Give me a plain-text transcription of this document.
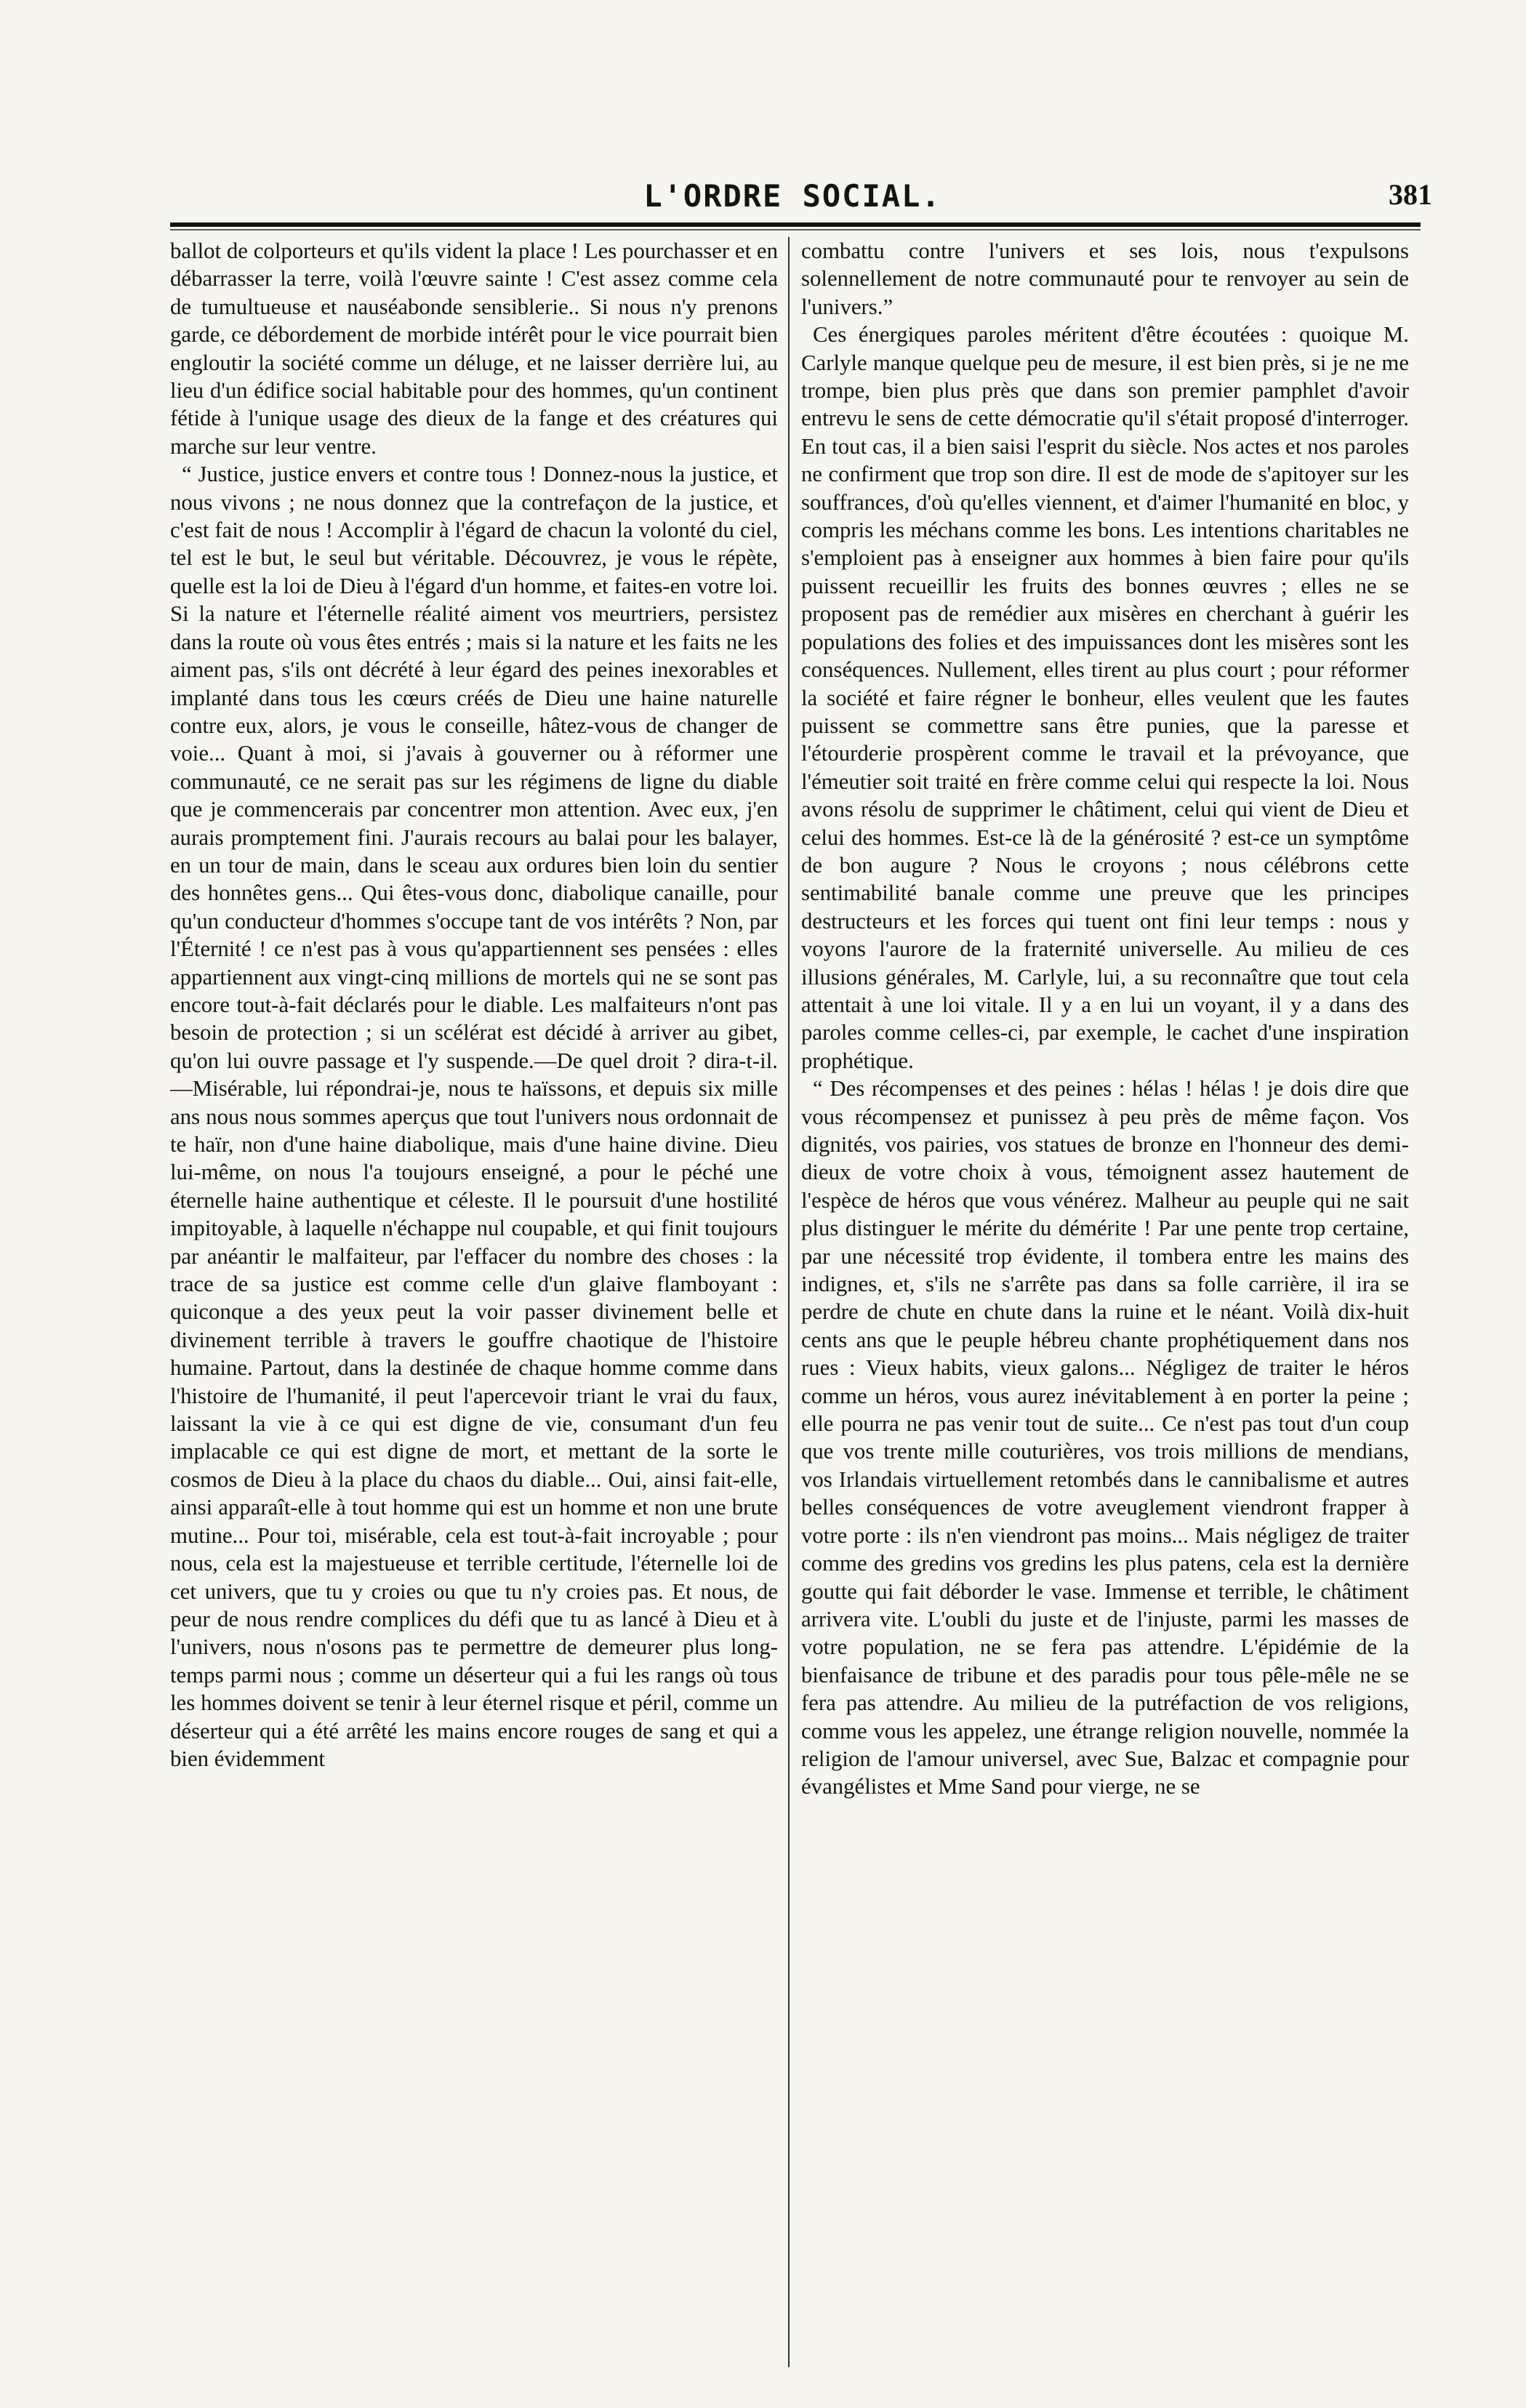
L'ORDRE SOCIAL.	381

ballot de colporteurs et qu'ils vident la place ! Les pourchasser et en débarrasser la terre, voilà l'œuvre sainte ! C'est assez comme cela de tumultueuse et nauséabonde sensiblerie.. Si nous n'y prenons garde, ce débordement de morbide intérêt pour le vice pourrait bien engloutir la société comme un déluge, et ne laisser derrière lui, au lieu d'un édifice social habitable pour des hommes, qu'un continent fétide à l'unique usage des dieux de la fange et des créatures qui marche sur leur ventre.

“ Justice, justice envers et contre tous ! Donnez-nous la justice, et nous vivons ; ne nous donnez que la contrefaçon de la justice, et c'est fait de nous ! Accomplir à l'égard de chacun la volonté du ciel, tel est le but, le seul but véritable. Découvrez, je vous le répète, quelle est la loi de Dieu à l'égard d'un homme, et faites-en votre loi. Si la nature et l'éternelle réalité aiment vos meurtriers, persistez dans la route où vous êtes entrés ; mais si la nature et les faits ne les aiment pas, s'ils ont décrété à leur égard des peines inexorables et implanté dans tous les cœurs créés de Dieu une haine naturelle contre eux, alors, je vous le conseille, hâtez-vous de changer de voie... Quant à moi, si j'avais à gouverner ou à réformer une communauté, ce ne serait pas sur les régimens de ligne du diable que je commencerais par concentrer mon attention. Avec eux, j'en aurais promptement fini. J'aurais recours au balai pour les balayer, en un tour de main, dans le sceau aux ordures bien loin du sentier des honnêtes gens... Qui êtes-vous donc, diabolique canaille, pour qu'un conducteur d'hommes s'occupe tant de vos intérêts ? Non, par l'Éternité ! ce n'est pas à vous qu'appartiennent ses pensées : elles appartiennent aux vingt-cinq millions de mortels qui ne se sont pas encore tout-à-fait déclarés pour le diable. Les malfaiteurs n'ont pas besoin de protection ; si un scélérat est décidé à arriver au gibet, qu'on lui ouvre passage et l'y suspende.—De quel droit ? dira-t-il.—Misérable, lui répondrai-je, nous te haïssons, et depuis six mille ans nous nous sommes aperçus que tout l'univers nous ordonnait de te haïr, non d'une haine diabolique, mais d'une haine divine. Dieu lui-même, on nous l'a toujours enseigné, a pour le péché une éternelle haine authentique et céleste. Il le poursuit d'une hostilité impitoyable, à laquelle n'échappe nul coupable, et qui finit toujours par anéantir le malfaiteur, par l'effacer du nombre des choses : la trace de sa justice est comme celle d'un glaive flamboyant : quiconque a des yeux peut la voir passer divinement belle et divinement terrible à travers le gouffre chaotique de l'histoire humaine. Partout, dans la destinée de chaque homme comme dans l'histoire de l'humanité, il peut l'apercevoir triant le vrai du faux, laissant la vie à ce qui est digne de vie, consumant d'un feu implacable ce qui est digne de mort, et mettant de la sorte le cosmos de Dieu à la place du chaos du diable... Oui, ainsi fait-elle, ainsi apparaît-elle à tout homme qui est un homme et non une brute mutine... Pour toi, misérable, cela est tout-à-fait incroyable ; pour nous, cela est la majestueuse et terrible certitude, l'éternelle loi de cet univers, que tu y croies ou que tu n'y croies pas. Et nous, de peur de nous rendre complices du défi que tu as lancé à Dieu et à l'univers, nous n'osons pas te permettre de demeurer plus long-temps parmi nous ; comme un déserteur qui a fui les rangs où tous les hommes doivent se tenir à leur éternel risque et péril, comme un déserteur qui a été arrêté les mains encore rouges de sang et qui a bien évidemment

combattu contre l'univers et ses lois, nous t'expulsons solennellement de notre communauté pour te renvoyer au sein de l'univers.”

Ces énergiques paroles méritent d'être écoutées : quoique M. Carlyle manque quelque peu de mesure, il est bien près, si je ne me trompe, bien plus près que dans son premier pamphlet d'avoir entrevu le sens de cette démocratie qu'il s'était proposé d'interroger. En tout cas, il a bien saisi l'esprit du siècle. Nos actes et nos paroles ne confirment que trop son dire. Il est de mode de s'apitoyer sur les souffrances, d'où qu'elles viennent, et d'aimer l'humanité en bloc, y compris les méchans comme les bons. Les intentions charitables ne s'emploient pas à enseigner aux hommes à bien faire pour qu'ils puissent recueillir les fruits des bonnes œuvres ; elles ne se proposent pas de remédier aux misères en cherchant à guérir les populations des folies et des impuissances dont les misères sont les conséquences. Nullement, elles tirent au plus court ; pour réformer la société et faire régner le bonheur, elles veulent que les fautes puissent se commettre sans être punies, que la paresse et l'étourderie prospèrent comme le travail et la prévoyance, que l'émeutier soit traité en frère comme celui qui respecte la loi. Nous avons résolu de supprimer le châtiment, celui qui vient de Dieu et celui des hommes. Est-ce là de la générosité ? est-ce un symptôme de bon augure ? Nous le croyons ; nous célébrons cette sentimabilité banale comme une preuve que les principes destructeurs et les forces qui tuent ont fini leur temps : nous y voyons l'aurore de la fraternité universelle. Au milieu de ces illusions générales, M. Carlyle, lui, a su reconnaître que tout cela attentait à une loi vitale. Il y a en lui un voyant, il y a dans des paroles comme celles-ci, par exemple, le cachet d'une inspiration prophétique.

“ Des récompenses et des peines : hélas ! hélas ! je dois dire que vous récompensez et punissez à peu près de même façon. Vos dignités, vos pairies, vos statues de bronze en l'honneur des demi-dieux de votre choix à vous, témoignent assez hautement de l'espèce de héros que vous vénérez. Malheur au peuple qui ne sait plus distinguer le mérite du démérite ! Par une pente trop certaine, par une nécessité trop évidente, il tombera entre les mains des indignes, et, s'ils ne s'arrête pas dans sa folle carrière, il ira se perdre de chute en chute dans la ruine et le néant. Voilà dix-huit cents ans que le peuple hébreu chante prophétiquement dans nos rues : Vieux habits, vieux galons... Négligez de traiter le héros comme un héros, vous aurez inévitablement à en porter la peine ; elle pourra ne pas venir tout de suite... Ce n'est pas tout d'un coup que vos trente mille couturières, vos trois millions de mendians, vos Irlandais virtuellement retombés dans le cannibalisme et autres belles conséquences de votre aveuglement viendront frapper à votre porte : ils n'en viendront pas moins... Mais négligez de traiter comme des gredins vos gredins les plus patens, cela est la dernière goutte qui fait déborder le vase. Immense et terrible, le châtiment arrivera vite. L'oubli du juste et de l'injuste, parmi les masses de votre population, ne se fera pas attendre. L'épidémie de la bienfaisance de tribune et des paradis pour tous pêle-mêle ne se fera pas attendre. Au milieu de la putréfaction de vos religions, comme vous les appelez, une étrange religion nouvelle, nommée la religion de l'amour universel, avec Sue, Balzac et compagnie pour évangélistes et Mme Sand pour vierge, ne se
